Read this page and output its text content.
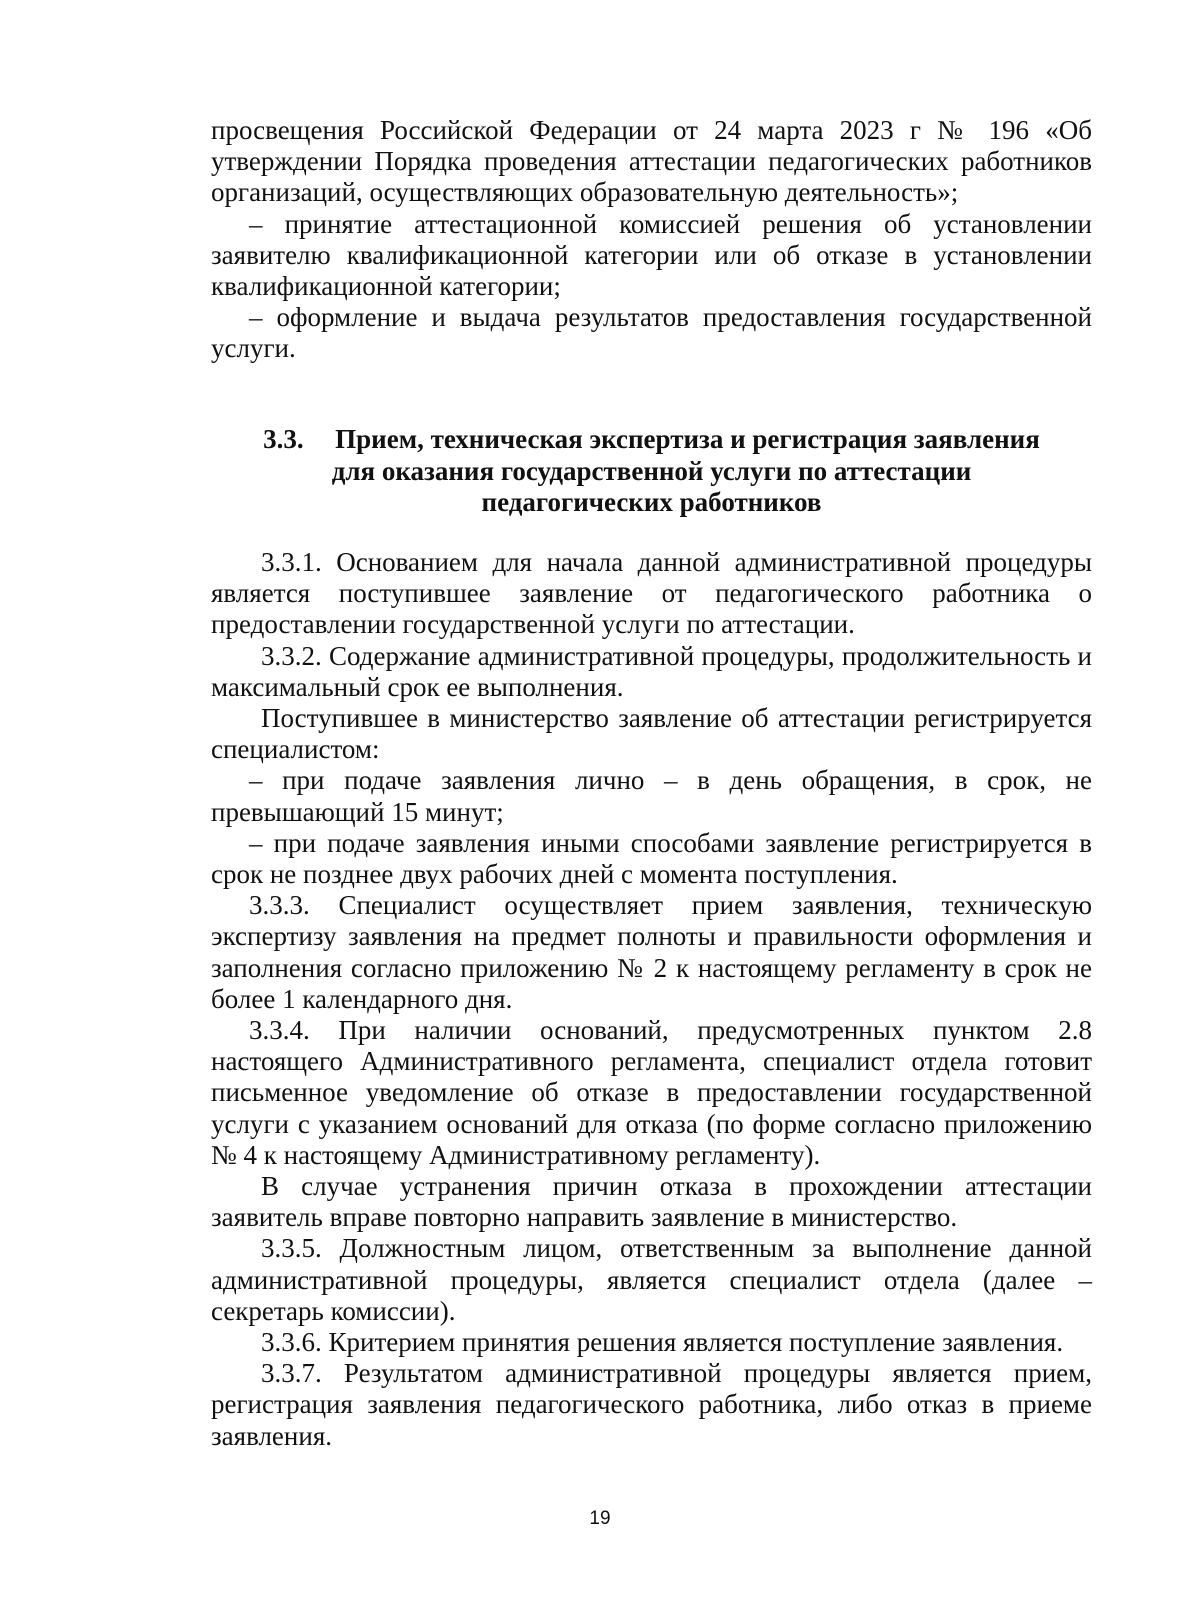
просвещения Российской Федерации от 24 марта 2023 г № 196 «Об утверждении Порядка проведения аттестации педагогических работников организаций, осуществляющих образовательную деятельность»;

– принятие аттестационной комиссией решения об установлении заявителю квалификационной категории или об отказе в установлении квалификационной категории;

– оформление и выдача результатов предоставления государственной услуги.

3.3. Прием, техническая экспертиза и регистрация заявления
для оказания государственной услуги по аттестации
педагогических работников

3.3.1. Основанием для начала данной административной процедуры является поступившее заявление от педагогического работника о предоставлении государственной услуги по аттестации.

3.3.2. Содержание административной процедуры, продолжительность и максимальный срок ее выполнения.

Поступившее в министерство заявление об аттестации регистрируется специалистом:

– при подаче заявления лично – в день обращения, в срок, не превышающий 15 минут;

– при подаче заявления иными способами заявление регистрируется в срок не позднее двух рабочих дней с момента поступления.

3.3.3. Специалист осуществляет прием заявления, техническую экспертизу заявления на предмет полноты и правильности оформления и заполнения согласно приложению № 2 к настоящему регламенту в срок не более 1 календарного дня.

3.3.4. При наличии оснований, предусмотренных пунктом 2.8 настоящего Административного регламента, специалист отдела готовит письменное уведомление об отказе в предоставлении государственной услуги с указанием оснований для отказа (по форме согласно приложению № 4 к настоящему Административному регламенту).

В случае устранения причин отказа в прохождении аттестации заявитель вправе повторно направить заявление в министерство.

3.3.5. Должностным лицом, ответственным за выполнение данной административной процедуры, является специалист отдела (далее – секретарь комиссии).

3.3.6. Критерием принятия решения является поступление заявления.

3.3.7. Результатом административной процедуры является прием, регистрация заявления педагогического работника, либо отказ в приеме заявления.

19
